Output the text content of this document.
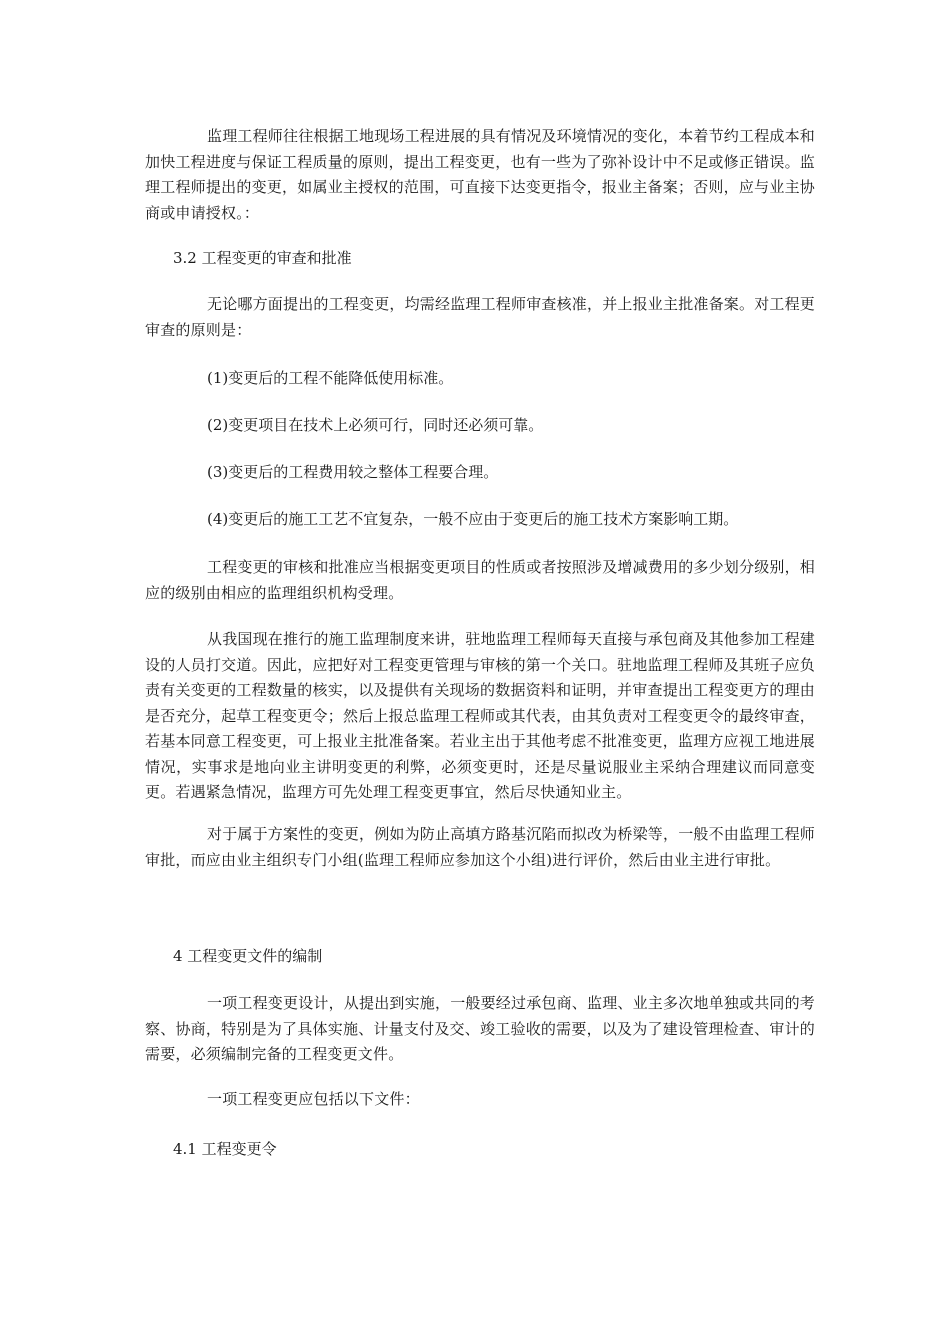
监理工程师往往根据工地现场工程进展的具有情况及环境情况的变化，本着节约工程成本和加快工程进度与保证工程质量的原则，提出工程变更，也有一些为了弥补设计中不足或修正错误。监理工程师提出的变更，如属业主授权的范围，可直接下达变更指令，报业主备案；否则，应与业主协商或申请授权。：

3.2 工程变更的审查和批准

无论哪方面提出的工程变更，均需经监理工程师审查核准，并上报业主批准备案。对工程更审查的原则是：

(1)变更后的工程不能降低使用标准。

(2)变更项目在技术上必须可行，同时还必须可靠。

(3)变更后的工程费用较之整体工程要合理。

(4)变更后的施工工艺不宜复杂，一般不应由于变更后的施工技术方案影响工期。

工程变更的审核和批准应当根据变更项目的性质或者按照涉及增减费用的多少划分级别，相应的级别由相应的监理组织机构受理。

从我国现在推行的施工监理制度来讲，驻地监理工程师每天直接与承包商及其他参加工程建设的人员打交道。因此，应把好对工程变更管理与审核的第一个关口。驻地监理工程师及其班子应负责有关变更的工程数量的核实，以及提供有关现场的数据资料和证明，并审查提出工程变更方的理由是否充分，起草工程变更令；然后上报总监理工程师或其代表，由其负责对工程变更令的最终审查，若基本同意工程变更，可上报业主批准备案。若业主出于其他考虑不批准变更，监理方应视工地进展情况，实事求是地向业主讲明变更的利弊，必须变更时，还是尽量说服业主采纳合理建议而同意变更。若遇紧急情况，监理方可先处理工程变更事宜，然后尽快通知业主。

对于属于方案性的变更，例如为防止高填方路基沉陷而拟改为桥梁等，一般不由监理工程师审批，而应由业主组织专门小组(监理工程师应参加这个小组)进行评价，然后由业主进行审批。

4 工程变更文件的编制

一项工程变更设计，从提出到实施，一般要经过承包商、监理、业主多次地单独或共同的考察、协商，特别是为了具体实施、计量支付及交、竣工验收的需要，以及为了建设管理检查、审计的需要，必须编制完备的工程变更文件。

一项工程变更应包括以下文件：

4.1 工程变更令
